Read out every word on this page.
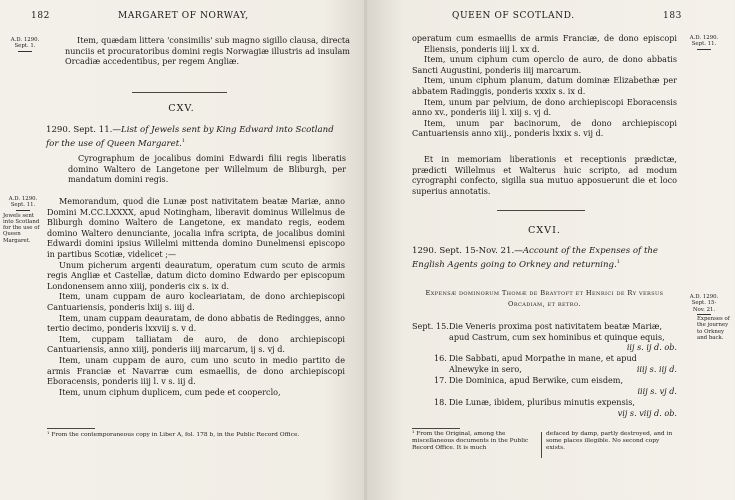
182	MARGARET OF NORWAY,
A.D. 1290.
Sept. 1.

Item, quædam littera 'consimilis' sub magno sigillo clausa, directa nunciis et procuratoribus domini regis Norwagiæ illustris ad insulam Orcadiæ accedentibus, per regem Angliæ.

CXV.
1290. Sept. 11.—List of Jewels sent by King Edward into Scotland for the use of Queen Margaret.$^1$

Cyrographum de jocalibus domini Edwardi filii regis liberatis domino Waltero de Langetone per Willelmum de Bliburgh, per mandatum domini regis.

A.D. 1290.
Sept. 11.
Jewels sent into Scotland for the use of Queen Margaret.

Memorandum, quod die Lunæ post nativitatem beatæ Mariæ, anno Domini M.CC.LXXXX, apud Notingham, liberavit dominus Willelmus de Bliburgh domino Waltero de Langetone, ex mandato regis, eodem domino Waltero denunciante, jocalia infra scripta, de jocalibus domini Edwardi domini ipsius Willelmi mittenda domino Dunelmensi episcopo in partibus Scotiæ, videlicet ;—

Unum picherum argenti deauratum, operatum cum scuto de armis regis Angliæ et Castellæ, datum dicto domino Edwardo per episcopum Londonensem anno xiiij, ponderis cix s. ix d.

Item, unam cuppam de auro kocleariatam, de dono archiepiscopi Cantuariensis, ponderis lxiij s. iiij d.

Item, unam cuppam deauratam, de dono abbatis de Redingges, anno tertio decimo, ponderis lxxviij s. v d.

Item, cuppam talliatam de auro, de dono archiepiscopi Cantuariensis, anno xiiij, ponderis iiij marcarum, ij s. vj d.

Item, unam cuppam de auro, cum uno scuto in medio partito de armis Franciæ et Navarræ cum esmaellis, de dono archiepiscopi Eboracensis, ponderis iiij l. v s. iij d.

Item, unum ciphum duplicem, cum pede et cooperclo,

¹ From the contemporaneous copy in Liber A, fol. 178 b, in the Public Record Office.
QUEEN OF SCOTLAND.	183
A.D. 1290.
Sept. 11.

operatum cum esmaellis de armis Franciæ, de dono episcopi Eliensis, ponderis iiij l. xx d.

Item, unum ciphum cum operclo de auro, de dono abbatis Sancti Augustini, ponderis iiij marcarum.

Item, unum ciphum planum, datum dominæ Elizabethæ per abbatem Radinggis, ponderis xxxix s. ix d.

Item, unum par pelvium, de dono archiepiscopi Eboracensis anno xv., ponderis iiij l. xiij s. vj d.

Item, unum par bacinorum, de dono archiepiscopi Cantuariensis anno xiij., ponderis lxxix s. vij d.

Et in memoriam liberationis et receptionis prædictæ, prædicti Willelmus et Walterus huic scripto, ad modum cyrographi confecto, sigilla sua mutuo apposuerunt die et loco superius annotatis.

CXVI.
1290. Sept. 15-Nov. 21.—Account of the Expenses of the English Agents going to Orkney and returning.$^1$
Expensæ dominorum Thomæ de Braytoft et Henrici de Ry versus Orcadiam, et retro.
A.D. 1290.
Sept. 15-
Nov. 21.
Expenses of the journey to Orkney and back.
Sept. 15. Die Veneris proxima post nativitatem beatæ Mariæ, apud Castrum, cum sex hominibus et quinque equis,
iij s. ij d. ob.
16. Die Sabbati, apud Morpathe in mane, et apud Alnewyke in sero,	iiij s. iij d.
17. Die Dominica, apud Berwike, cum eisdem,
iiij s. vj d.
18. Die Lunæ, ibidem, pluribus minutis expensis,
vij s. viij d. ob.
¹ From the Original, among the miscellaneous documents in the Public Record Office. It is much
defaced by damp, partly destroyed, and in some places illegible. No second copy exists.
